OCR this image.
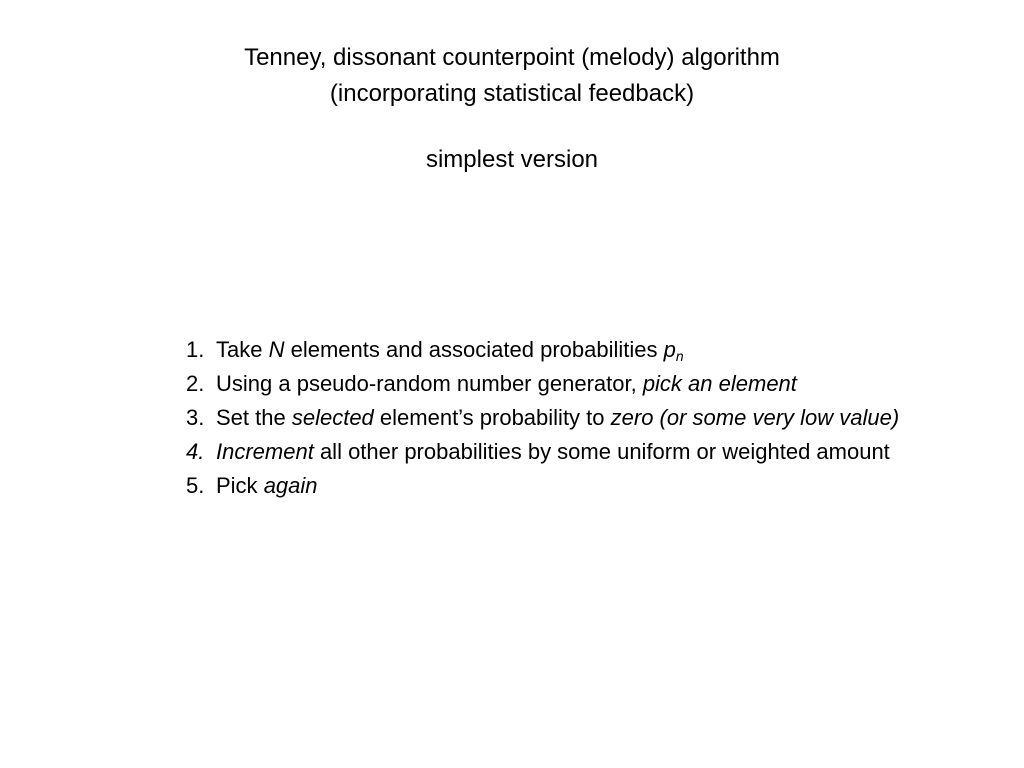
Tenney, dissonant counterpoint (melody) algorithm
(incorporating statistical feedback)
simplest version
1. Take N elements and associated probabilities $p_n$
2. Using a pseudo-random number generator, pick an element
3. Set the selected element’s probability to zero (or some very low value)
4. Increment all other probabilities by some uniform or weighted amount
5. Pick again
